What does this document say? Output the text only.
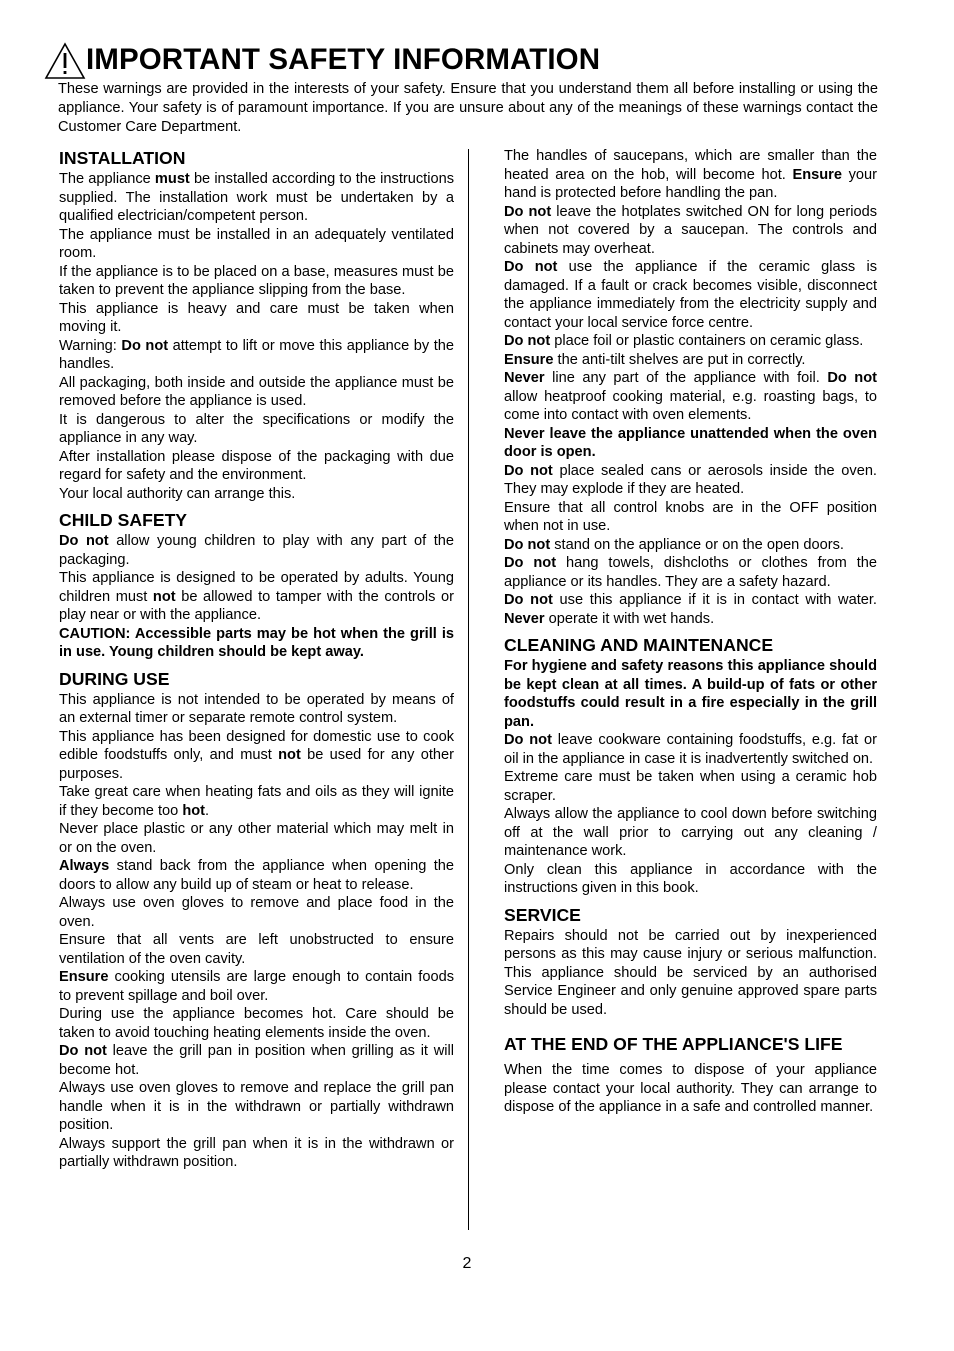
IMPORTANT SAFETY INFORMATION

These warnings are provided in the interests of your safety. Ensure that you understand them all before installing or using the appliance. Your safety is of paramount importance. If you are unsure about any of the meanings of these warnings contact the Customer Care Department.

INSTALLATION

The appliance must be installed according to the instructions supplied. The installation work must be undertaken by a qualified electrician/competent person.

The appliance must be installed in an adequately ventilated room.

If the appliance is to be placed on a base, measures must be taken to prevent the appliance slipping from the base.

This appliance is heavy and care must be taken when moving it.

Warning: Do not attempt to lift or move this appliance by the handles.

All packaging, both inside and outside the appliance must be removed before the appliance is used.

It is dangerous to alter the specifications or modify the appliance in any way.

After installation please dispose of the packaging with due regard for safety and the environment.

Your local authority can arrange this.

CHILD SAFETY

Do not allow young children to play with any part of the packaging.

This appliance is designed to be operated by adults. Young children must not be allowed to tamper with the controls or play near or with the appliance.

CAUTION: Accessible parts may be hot when the grill is in use. Young children should be kept away.

DURING USE

This appliance is not intended to be operated by means of an external timer or separate remote control system.

This appliance has been designed for domestic use to cook edible foodstuffs only, and must not be used for any other purposes.

Take great care when heating fats and oils as they will ignite if they become too hot.

Never place plastic or any other material which may melt in or on the oven.

Always stand back from the appliance when opening the doors to allow any build up of steam or heat to release.

Always use oven gloves to remove and place food in the oven.

Ensure that all vents are left unobstructed to ensure ventilation of the oven cavity.

Ensure cooking utensils are large enough to contain foods to prevent spillage and boil over.

During use the appliance becomes hot. Care should be taken to avoid touching heating elements inside the oven.

Do not leave the grill pan in position when grilling as it will become hot.

Always use oven gloves to remove and replace the grill pan handle when it is in the withdrawn or partially withdrawn position.

Always support the grill pan when it is in the withdrawn or partially withdrawn position.

The handles of saucepans, which are smaller than the heated area on the hob, will become hot. Ensure your hand is protected before handling the pan.

Do not leave the hotplates switched ON for long periods when not covered by a saucepan. The controls and cabinets may overheat.

Do not use the appliance if the ceramic glass is damaged. If a fault or crack becomes visible, disconnect the appliance immediately from the electricity supply and contact your local service force centre.

Do not place foil or plastic containers on ceramic glass.

Ensure the anti-tilt shelves are put in correctly.

Never line any part of the appliance with foil. Do not allow heatproof cooking material, e.g. roasting bags, to come into contact with oven elements.

Never leave the appliance unattended when the oven door is open.

Do not place sealed cans or aerosols inside the oven. They may explode if they are heated.

Ensure that all control knobs are in the OFF position when not in use.

Do not stand on the appliance or on the open doors.

Do not hang towels, dishcloths or clothes from the appliance or its handles. They are a safety hazard.

Do not use this appliance if it is in contact with water. Never operate it with wet hands.

CLEANING AND MAINTENANCE

For hygiene and safety reasons this appliance should be kept clean at all times. A build-up of fats or other foodstuffs could result in a fire especially in the grill pan.

Do not leave cookware containing foodstuffs, e.g. fat or oil in the appliance in case it is inadvertently switched on.

Extreme care must be taken when using a ceramic hob scraper.

Always allow the appliance to cool down before switching off at the wall prior to carrying out any cleaning / maintenance work.

Only clean this appliance in accordance with the instructions given in this book.

SERVICE

Repairs should not be carried out by inexperienced persons as this may cause injury or serious malfunction. This appliance should be serviced by an authorised Service Engineer and only genuine approved spare parts should be used.

AT THE END OF THE APPLIANCE'S LIFE

When the time comes to dispose of your appliance please contact your local authority. They can arrange to dispose of the appliance in a safe and controlled manner.

2
